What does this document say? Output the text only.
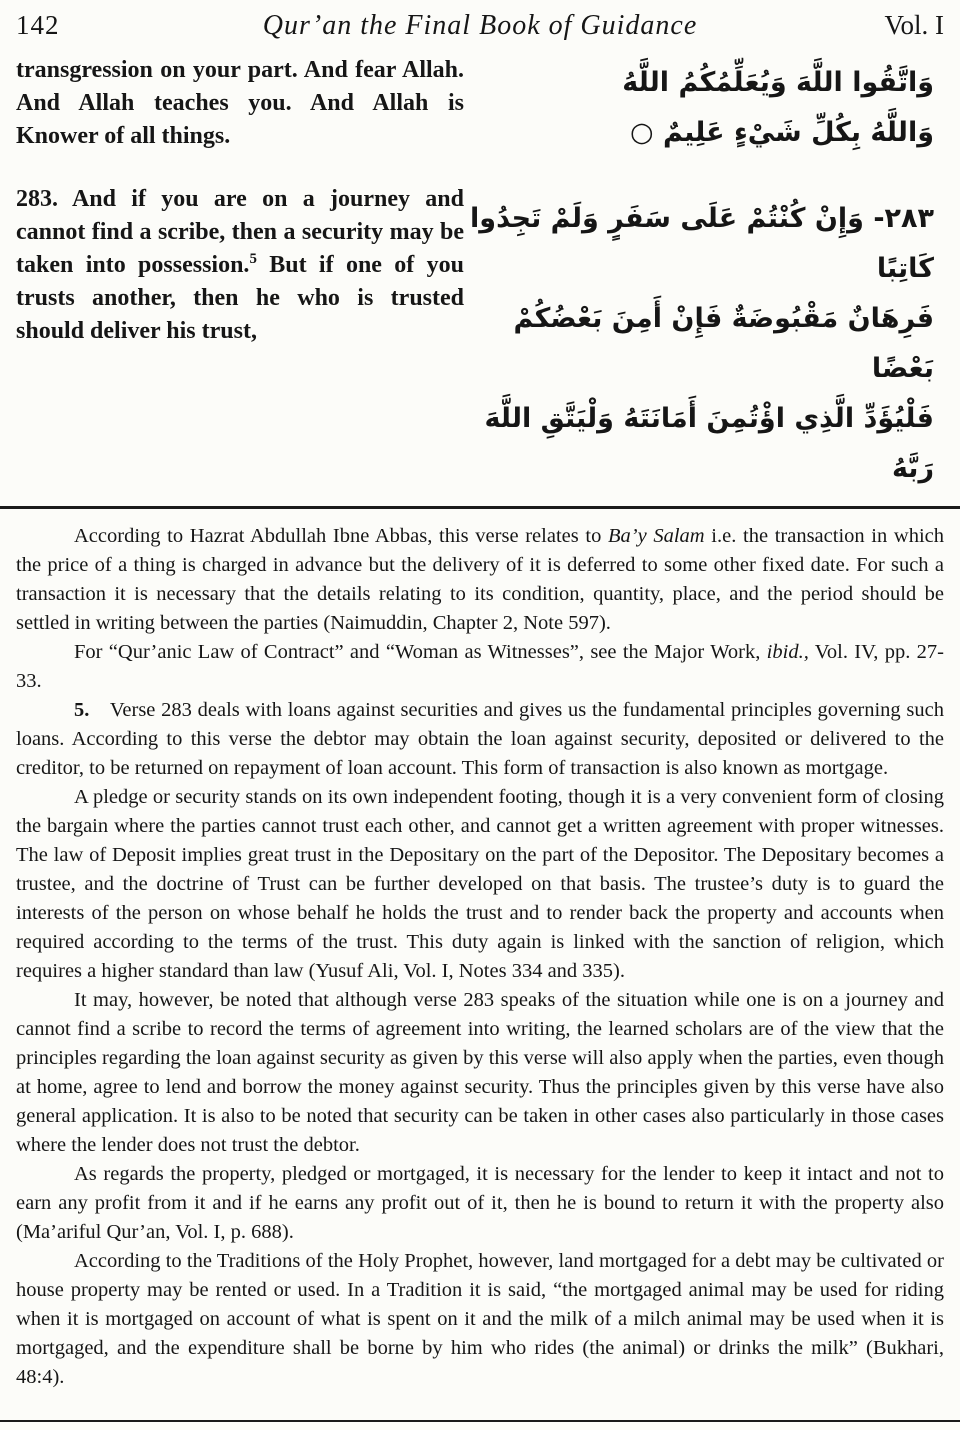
142	Qur’an the Final Book of Guidance	Vol. I

transgression on your part. And fear Allah. And Allah teaches you. And Allah is Knower of all things.

283. And if you are on a journey and cannot find a scribe, then a security may be taken into possession.$^5$ But if one of you trusts another, then he who is trusted should deliver his trust,

وَاتَّقُوا اللَّهَ وَيُعَلِّمُكُمُ اللَّهُ
وَاللَّهُ بِكُلِّ شَيْءٍ عَلِيمٌ ○
٢٨٣- وَإِنْ كُنْتُمْ عَلَى سَفَرٍ وَلَمْ تَجِدُوا كَاتِبًا
فَرِهَانٌ مَقْبُوضَةٌ فَإِنْ أَمِنَ بَعْضُكُمْ بَعْضًا
فَلْيُؤَدِّ الَّذِي اؤْتُمِنَ أَمَانَتَهُ وَلْيَتَّقِ اللَّهَ رَبَّهُ

According to Hazrat Abdullah Ibne Abbas, this verse relates to Ba’y Salam i.e. the transaction in which the price of a thing is charged in advance but the delivery of it is deferred to some other fixed date. For such a transaction it is necessary that the details relating to its condition, quantity, place, and the period should be settled in writing between the parties (Naimuddin, Chapter 2, Note 597).

For “Qur’anic Law of Contract” and “Woman as Witnesses”, see the Major Work, ibid., Vol. IV, pp. 27-33.

5. Verse 283 deals with loans against securities and gives us the fundamental principles governing such loans. According to this verse the debtor may obtain the loan against security, deposited or delivered to the creditor, to be returned on repayment of loan account. This form of transaction is also known as mortgage.

A pledge or security stands on its own independent footing, though it is a very convenient form of closing the bargain where the parties cannot trust each other, and cannot get a written agreement with proper witnesses. The law of Deposit implies great trust in the Depositary on the part of the Depositor. The Depositary becomes a trustee, and the doctrine of Trust can be further developed on that basis. The trustee’s duty is to guard the interests of the person on whose behalf he holds the trust and to render back the property and accounts when required according to the terms of the trust. This duty again is linked with the sanction of religion, which requires a higher standard than law (Yusuf Ali, Vol. I, Notes 334 and 335).

It may, however, be noted that although verse 283 speaks of the situation while one is on a journey and cannot find a scribe to record the terms of agreement into writing, the learned scholars are of the view that the principles regarding the loan against security as given by this verse will also apply when the parties, even though at home, agree to lend and borrow the money against security. Thus the principles given by this verse have also general application. It is also to be noted that security can be taken in other cases also particularly in those cases where the lender does not trust the debtor.

As regards the property, pledged or mortgaged, it is necessary for the lender to keep it intact and not to earn any profit from it and if he earns any profit out of it, then he is bound to return it with the property also (Ma’ariful Qur’an, Vol. I, p. 688).

According to the Traditions of the Holy Prophet, however, land mortgaged for a debt may be cultivated or house property may be rented or used. In a Tradition it is said, “the mortgaged animal may be used for riding when it is mortgaged on account of what is spent on it and the milk of a milch animal may be used when it is mortgaged, and the expenditure shall be borne by him who rides (the animal) or drinks the milk” (Bukhari, 48:4).
